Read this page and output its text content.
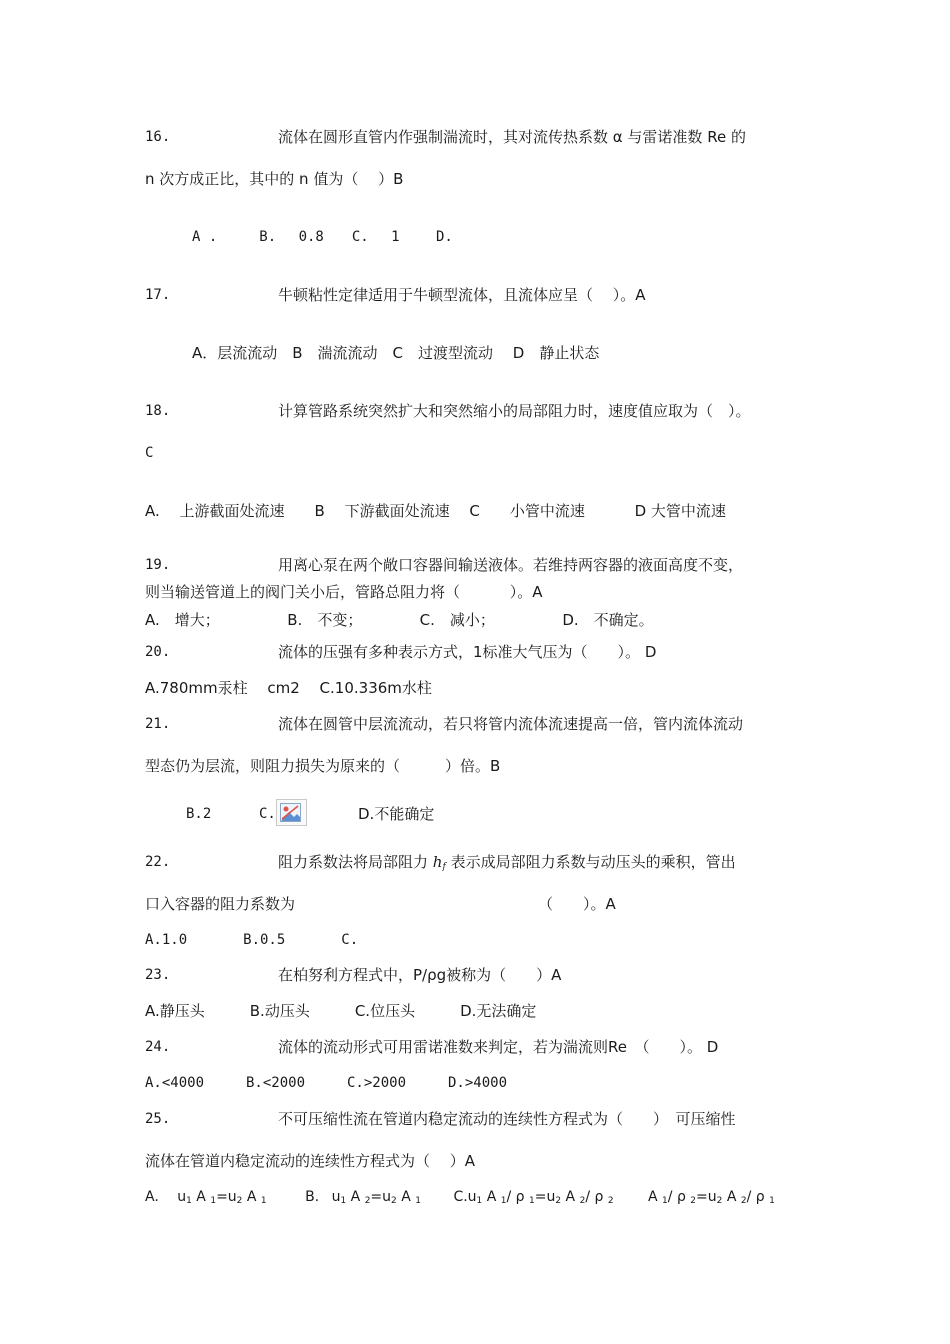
16.	流体在圆形直管内作强制湍流时，其对流传热系数 α 与雷诺准数 Re 的
n 次方成正比，其中的 n 值为（　 ）B
A .　　　B.　 0.8　　C.　 1　　 D.
17.	牛顿粘性定律适用于牛顿型流体，且流体应呈（　 ）。A
A．层流流动　B　湍流流动　C　过渡型流动　 D　静止状态
18.	计算管路系统突然扩大和突然缩小的局部阻力时，速度值应取为（　）。
C
A.　 上游截面处流速　　B　 下游截面处流速　 C　　小管中流速　　　 D 大管中流速
19.	用离心泵在两个敞口容器间输送液体。若维持两容器的液面高度不变，
则当输送管道上的阀门关小后，管路总阻力将（　　　 ）。A
A.　增大；　　　　　B.　不变；　　　　 C.　减小；　　　　　D.　不确定。
20.	流体的压强有多种表示方式，1标准大气压为（　　）。 D
A.780mm汞柱　 cm2　 C.10.336m水柱
21.	流体在圆管中层流流动，若只将管内流体流速提高一倍，管内流体流动
型态仍为层流，则阻力损失为原来的（　　　）倍。B
B.2	C.	D.不能确定
22.	阻力系数法将局部阻力 $h_f$ 表示成局部阻力系数与动压头的乘积，管出
口入容器的阻力系数为	（　　）。A
A.1.0　　　　B.0.5　　　　C.
23.	在柏努利方程式中，P/ρg被称为（　　）A
A.静压头　　　B.动压头　　　C.位压头　　　D.无法确定
24.	流体的流动形式可用雷诺准数来判定，若为湍流则Re　（　　）。 D
A.<4000　　　B.<2000　　　C.>2000　　　D.>4000
25.	不可压缩性流在管道内稳定流动的连续性方程式为（　　）　可压缩性
流体在管道内稳定流动的连续性方程式为（　 ）A
A. $u_1$ A $_1=u_2$ A $_1$	B. $u_1$ A $_2=u_2$ A $_1$ $C.u_1$ A $_1$/ ρ $_1=u_2$ A $_2$/ ρ $_2$ A $_1$/ ρ $_2=u_2$ A $_2$/ ρ $_1$
